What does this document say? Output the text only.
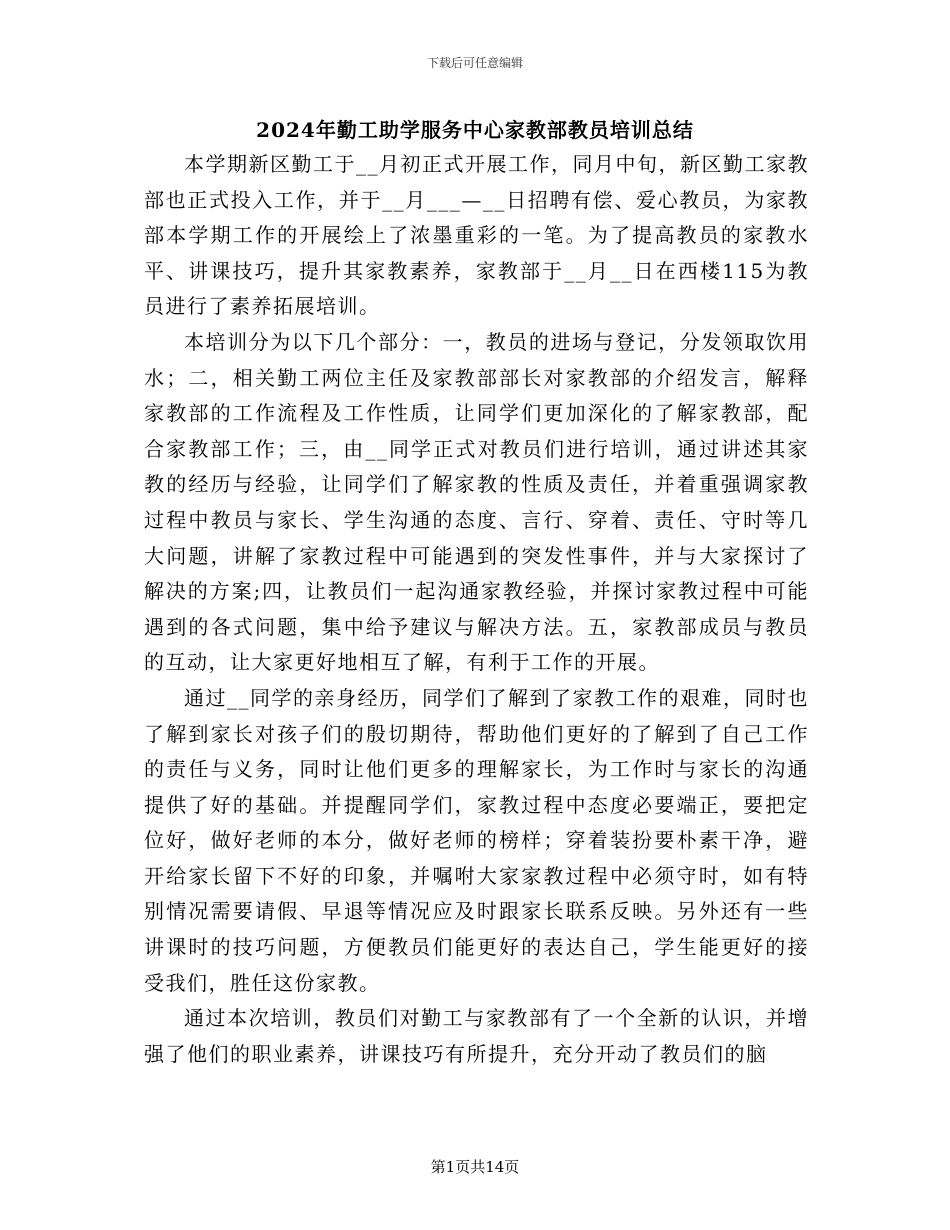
下载后可任意编辑
2024年勤工助学服务中心家教部教员培训总结

本学期新区勤工于__月初正式开展工作，同月中旬，新区勤工家教部也正式投入工作，并于__月___—__日招聘有偿、爱心教员，为家教部本学期工作的开展绘上了浓墨重彩的一笔。为了提高教员的家教水平、讲课技巧，提升其家教素养，家教部于__月__日在西楼115为教员进行了素养拓展培训。

本培训分为以下几个部分：一，教员的进场与登记，分发领取饮用水；二，相关勤工两位主任及家教部部长对家教部的介绍发言，解释家教部的工作流程及工作性质，让同学们更加深化的了解家教部，配合家教部工作；三，由__同学正式对教员们进行培训，通过讲述其家教的经历与经验，让同学们了解家教的性质及责任，并着重强调家教过程中教员与家长、学生沟通的态度、言行、穿着、责任、守时等几大问题，讲解了家教过程中可能遇到的突发性事件，并与大家探讨了解决的方案;四，让教员们一起沟通家教经验，并探讨家教过程中可能遇到的各式问题，集中给予建议与解决方法。五，家教部成员与教员的互动，让大家更好地相互了解，有利于工作的开展。

通过__同学的亲身经历，同学们了解到了家教工作的艰难，同时也了解到家长对孩子们的殷切期待，帮助他们更好的了解到了自己工作的责任与义务，同时让他们更多的理解家长，为工作时与家长的沟通提供了好的基础。并提醒同学们，家教过程中态度必要端正，要把定位好，做好老师的本分，做好老师的榜样；穿着装扮要朴素干净，避开给家长留下不好的印象，并嘱咐大家家教过程中必须守时，如有特别情况需要请假、早退等情况应及时跟家长联系反映。另外还有一些讲课时的技巧问题，方便教员们能更好的表达自己，学生能更好的接受我们，胜任这份家教。

通过本次培训，教员们对勤工与家教部有了一个全新的认识，并增强了他们的职业素养，讲课技巧有所提升，充分开动了教员们的脑

第1页共14页
